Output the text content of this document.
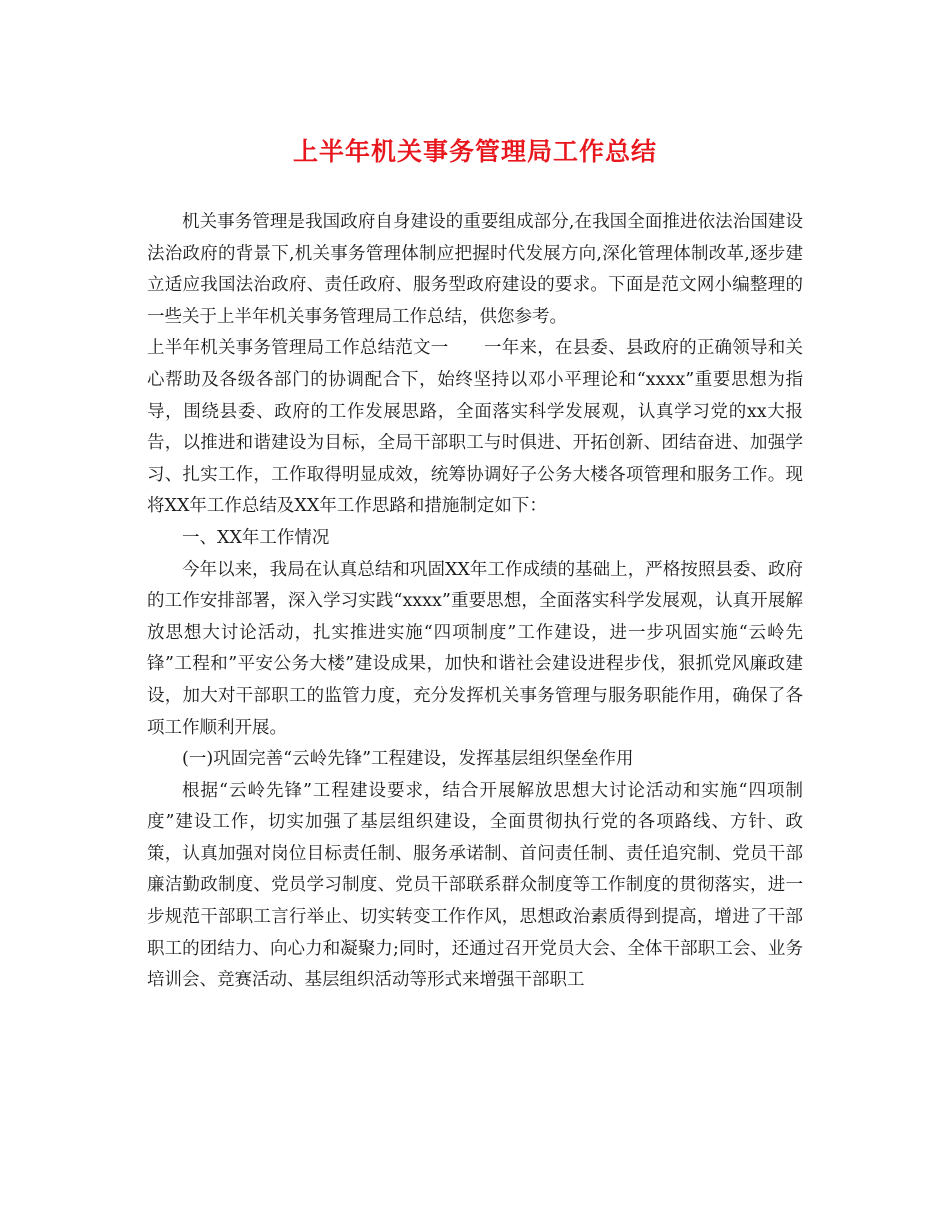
上半年机关事务管理局工作总结

机关事务管理是我国政府自身建设的重要组成部分,在我国全面推进依法治国建设法治政府的背景下,机关事务管理体制应把握时代发展方向,深化管理体制改革,逐步建立适应我国法治政府、责任政府、服务型政府建设的要求。下面是范文网小编整理的一些关于上半年机关事务管理局工作总结，供您参考。

上半年机关事务管理局工作总结范文一　　一年来，在县委、县政府的正确领导和关心帮助及各级各部门的协调配合下，始终坚持以邓小平理论和“xxxx”重要思想为指导，围绕县委、政府的工作发展思路，全面落实科学发展观，认真学习党的xx大报告，以推进和谐建设为目标，全局干部职工与时俱进、开拓创新、团结奋进、加强学习、扎实工作，工作取得明显成效，统筹协调好子公务大楼各项管理和服务工作。现将XX年工作总结及XX年工作思路和措施制定如下：

一、XX年工作情况

今年以来，我局在认真总结和巩固XX年工作成绩的基础上，严格按照县委、政府的工作安排部署，深入学习实践“xxxx”重要思想，全面落实科学发展观，认真开展解放思想大讨论活动，扎实推进实施“四项制度”工作建设，进一步巩固实施“云岭先锋”工程和”平安公务大楼”建设成果，加快和谐社会建设进程步伐，狠抓党风廉政建设，加大对干部职工的监管力度，充分发挥机关事务管理与服务职能作用，确保了各项工作顺利开展。

(一)巩固完善“云岭先锋”工程建设，发挥基层组织堡垒作用

根据“云岭先锋”工程建设要求，结合开展解放思想大讨论活动和实施“四项制度”建设工作，切实加强了基层组织建设，全面贯彻执行党的各项路线、方针、政策，认真加强对岗位目标责任制、服务承诺制、首问责任制、责任追究制、党员干部廉洁勤政制度、党员学习制度、党员干部联系群众制度等工作制度的贯彻落实，进一步规范干部职工言行举止、切实转变工作作风，思想政治素质得到提高，增进了干部职工的团结力、向心力和凝聚力;同时，还通过召开党员大会、全体干部职工会、业务培训会、竞赛活动、基层组织活动等形式来增强干部职工
